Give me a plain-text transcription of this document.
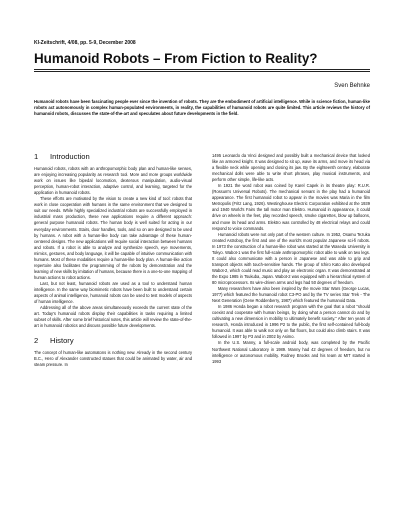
KI-Zeitschrift, 4/08, pp. 5-9, December 2008
Humanoid Robots – From Fiction to Reality?
Sven Behnke
Humanoid robots have been fascinating people ever since the invention of robots. They are the embodiment of artificial intelligence. While in science fiction, human-like robots act autonomously in complex human-populated environments, in reality, the capabilities of humanoid robots are quite limited. This article reviews the history of humanoid robots, discusses the state-of-the-art and speculates about future developments in the field.
1	Introduction

Humanoid robots, robots with an anthropomorphic body plan and human-like senses, are enjoying increasing popularity as research tool. More and more groups worldwide work on issues like bipedal locomotion, dexterous manipulation, audio-visual perception, human-robot interaction, adaptive control, and learning, targeted for the application in humanoid robots.

These efforts are motivated by the vision to create a new kind of tool: robots that work in close cooperation with humans in the same environment that we designed to suit our needs. While highly specialized industrial robots are successfully employed in industrial mass production, these new applications require a different approach: general purpose humanoid robots. The human body is well suited for acting in our everyday environments. Stairs, door handles, tools, and so on are designed to be used by humans. A robot with a human-like body can take advantage of these human-centered designs. The new applications will require social interaction between humans and robots. If a robot is able to analyze and synthesize speech, eye movements, mimics, gestures, and body language, it will be capable of intuitive communication with humans. Most of these modalities require a human-like body plan. A human-like action repertoire also facilitates the programming of the robots by demonstration and the learning of new skills by imitation of humans, because there is a one-to-one mapping of human actions to robot actions.

Last, but not least, humanoid robots are used as a tool to understand human intelligence. In the same way biomimetic robots have been built to understand certain aspects of animal intelligence, humanoid robots can be used to test models of aspects of human intelligence.

Addressing all of the above areas simultaneously exceeds the current state of the art. Today's humanoid robots display their capabilities in tasks requiring a limited subset of skills. After some brief historical notes, this article will review the state-of-the-art in humanoid robotics and discuss possible future developments.

2	History

The concept of human-like automatons is nothing new. Already in the second century B.C., Hero of Alexander constructed statues that could be animated by water, air and steam pressure. In

1495 Leonardo da Vinci designed and possibly built a mechanical device that looked like an armored knight. It was designed to sit up, wave its arms, and move its head via a flexible neck while opening and closing its jaw. By the eighteenth century, elaborate mechanical dolls were able to write short phrases, play musical instruments, and perform other simple, life-like acts.

In 1921 the word robot was coined by Karel Capek in its theatre play: R.U.R. (Rossum's Universal Robots). The mechanical servant in the play had a humanoid appearance. The first humanoid robot to appear in the movies was Maria in the film Metropolis (Fritz Lang, 1926). Westinghouse Electric Corporation exhibited at the 1939 and 1940 World's Fairs the tall motor man Elektro. Humanoid in appearance, it could drive on wheels in the feet, play recorded speech, smoke cigarettes, blow up balloons, and move its head and arms. Elektro was controlled by 48 electrical relays and could respond to voice commands.

Humanoid robots were not only part of the western culture. In 1952, Osamu Tezuka created Astroboy, the first and one of the world's most popular Japanese sci-fi robots. In 1973 the construction of a human-like robot was started at the Waseda University in Tokyo. Wabot-1 was the first full-scale anthropomorphic robot able to walk on two legs. It could also communicate with a person in Japanese and was able to grip and transport objects with touch-sensitive hands. The group of Ichiro Kato also developed Wabot-2, which could read music and play an electronic organ. It was demonstrated at the Expo 1985 in Tsukuba, Japan. Wabot-2 was equipped with a hierarchical system of 80 microprocessors. Its wire-driven arms and legs had 50 degrees of freedom.

Many researchers have also been inspired by the movie Star Wars (George Lucas, 1977) which featured the humanoid robot C3-PO and by the TV series Star Trek - The Next Generation (Gene Roddenberry, 1987) which featured the humanoid Data.

In 1986 Honda began a robot research program with the goal that a robot "should coexist and cooperate with human beings, by doing what a person cannot do and by cultivating a new dimension in mobility to ultimately benefit society." After ten years of research, Honda introduced in 1996 P2 to the public, the first self-contained full-body humanoid. It was able to walk not only on flat floors, but could also climb stairs. It was followed in 1997 by P3 and in 2002 by Asimo.

In the U.S. Manny, a full-scale android body, was completed by the Pacific Northwest National Laboratory in 1989. Manny had 42 degrees of freedom, but no intelligence or autonomous mobility. Rodney Brooks and his team at MIT started in 1993
